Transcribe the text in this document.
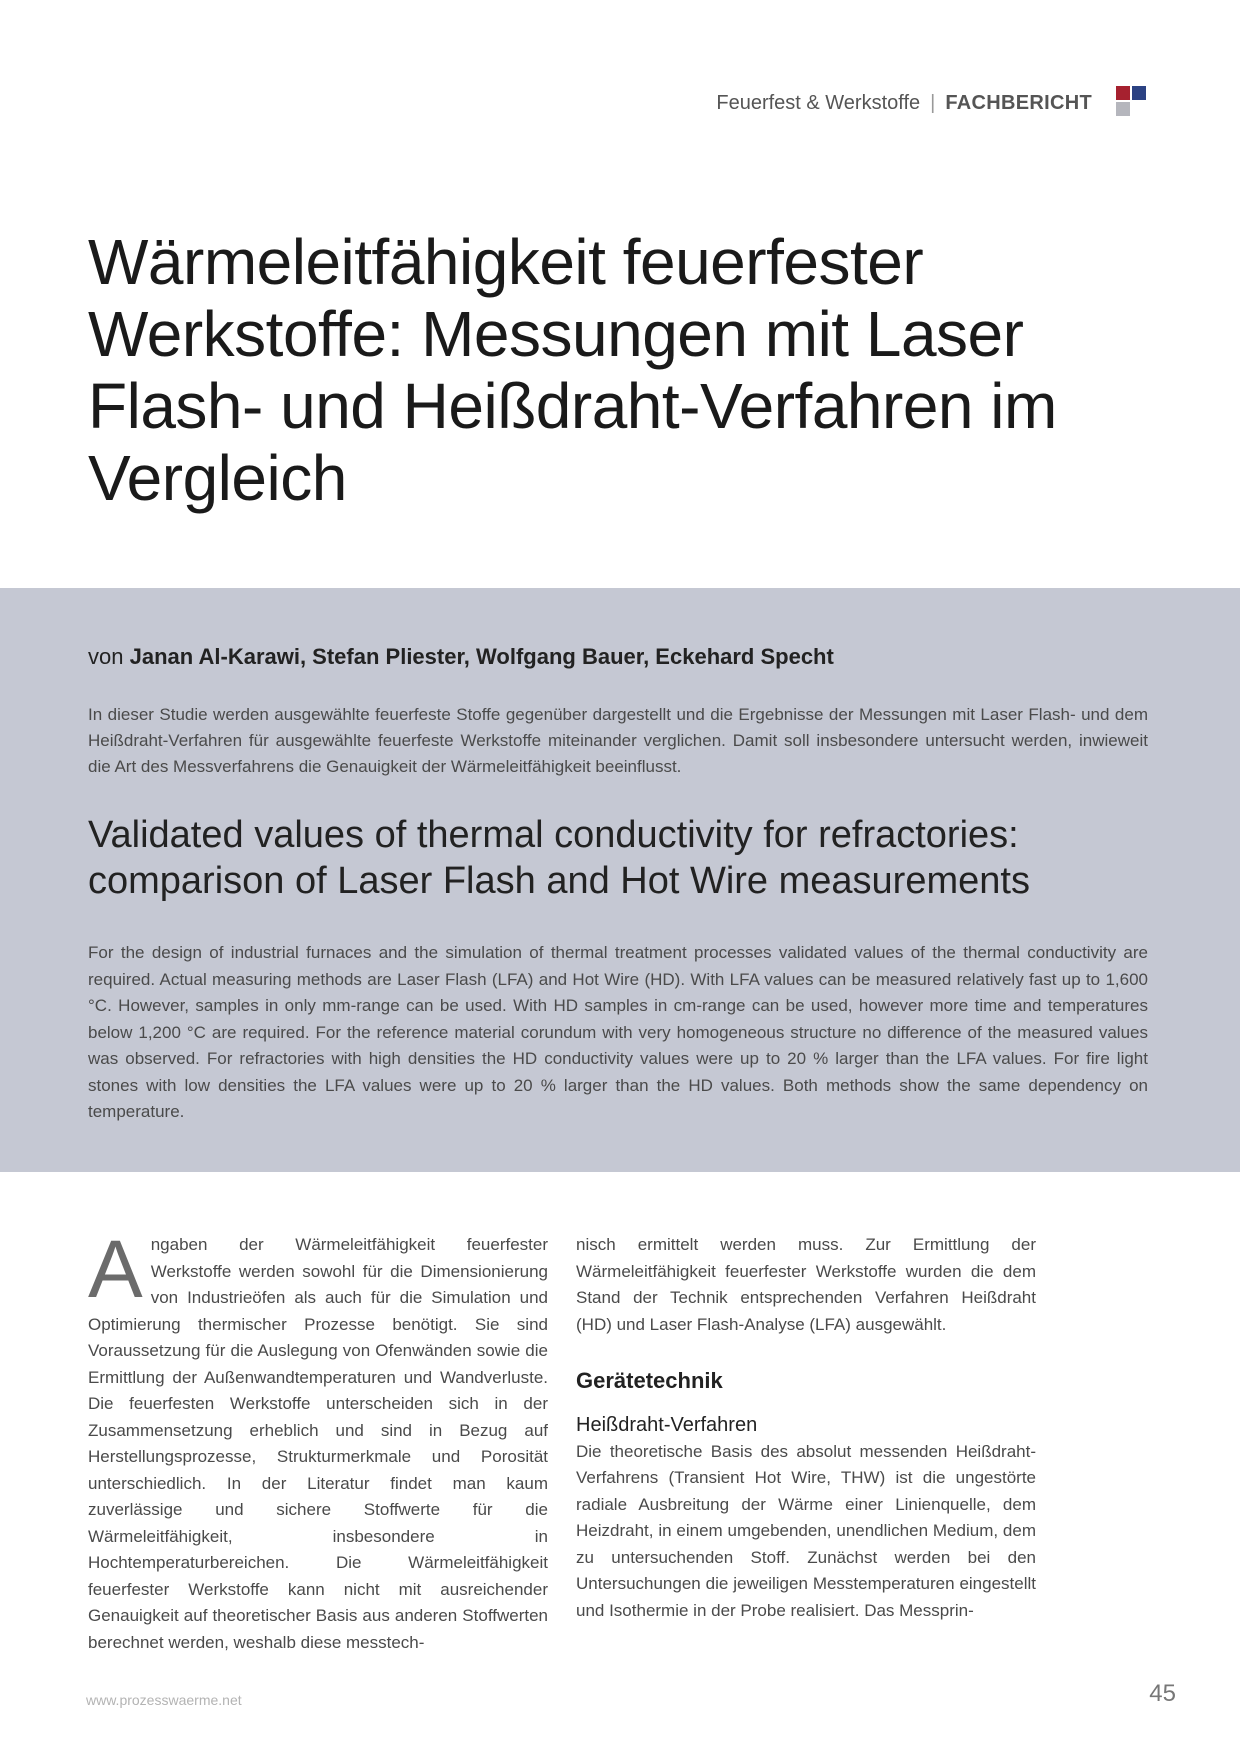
Feuerfest & Werkstoffe | FACHBERICHT
Wärmeleitfähigkeit feuerfester Werkstoffe: Messungen mit Laser Flash- und Heißdraht-Verfahren im Vergleich

von Janan Al-Karawi, Stefan Pliester, Wolfgang Bauer, Eckehard Specht

In dieser Studie werden ausgewählte feuerfeste Stoffe gegenüber dargestellt und die Ergebnisse der Messungen mit Laser Flash- und dem Heißdraht-Verfahren für ausgewählte feuerfeste Werkstoffe miteinander verglichen. Damit soll insbesondere untersucht werden, inwieweit die Art des Messverfahrens die Genauigkeit der Wärmeleitfähigkeit beeinflusst.

Validated values of thermal conductivity for refractories: comparison of Laser Flash and Hot Wire measurements

For the design of industrial furnaces and the simulation of thermal treatment processes validated values of the thermal conductivity are required. Actual measuring methods are Laser Flash (LFA) and Hot Wire (HD). With LFA values can be measured relatively fast up to 1,600 °C. However, samples in only mm-range can be used. With HD samples in cm-range can be used, however more time and temperatures below 1,200 °C are required. For the reference material corundum with very homogeneous structure no difference of the measured values was observed. For refractories with high densities the HD conductivity values were up to 20 % larger than the LFA values. For fire light stones with low densities the LFA values were up to 20 % larger than the HD values. Both methods show the same dependency on temperature.

Angaben der Wärmeleitfähigkeit feuerfester Werkstoffe werden sowohl für die Dimensionierung von Industrieöfen als auch für die Simulation und Optimierung thermischer Prozesse benötigt. Sie sind Voraussetzung für die Auslegung von Ofenwänden sowie die Ermittlung der Außenwandtemperaturen und Wandverluste. Die feuerfesten Werkstoffe unterscheiden sich in der Zusammensetzung erheblich und sind in Bezug auf Herstellungsprozesse, Strukturmerkmale und Porosität unterschiedlich. In der Literatur findet man kaum zuverlässige und sichere Stoffwerte für die Wärmeleitfähigkeit, insbesondere in Hochtemperaturbereichen. Die Wärmeleitfähigkeit feuerfester Werkstoffe kann nicht mit ausreichender Genauigkeit auf theoretischer Basis aus anderen Stoffwerten berechnet werden, weshalb diese messtech-

nisch ermittelt werden muss. Zur Ermittlung der Wärmeleitfähigkeit feuerfester Werkstoffe wurden die dem Stand der Technik entsprechenden Verfahren Heißdraht (HD) und Laser Flash-Analyse (LFA) ausgewählt.

Gerätetechnik
Heißdraht-Verfahren

Die theoretische Basis des absolut messenden Heißdraht-Verfahrens (Transient Hot Wire, THW) ist die ungestörte radiale Ausbreitung der Wärme einer Linienquelle, dem Heizdraht, in einem umgebenden, unendlichen Medium, dem zu untersuchenden Stoff. Zunächst werden bei den Untersuchungen die jeweiligen Messtemperaturen eingestellt und Isothermie in der Probe realisiert. Das Messprin-

www.prozesswaerme.net	45
